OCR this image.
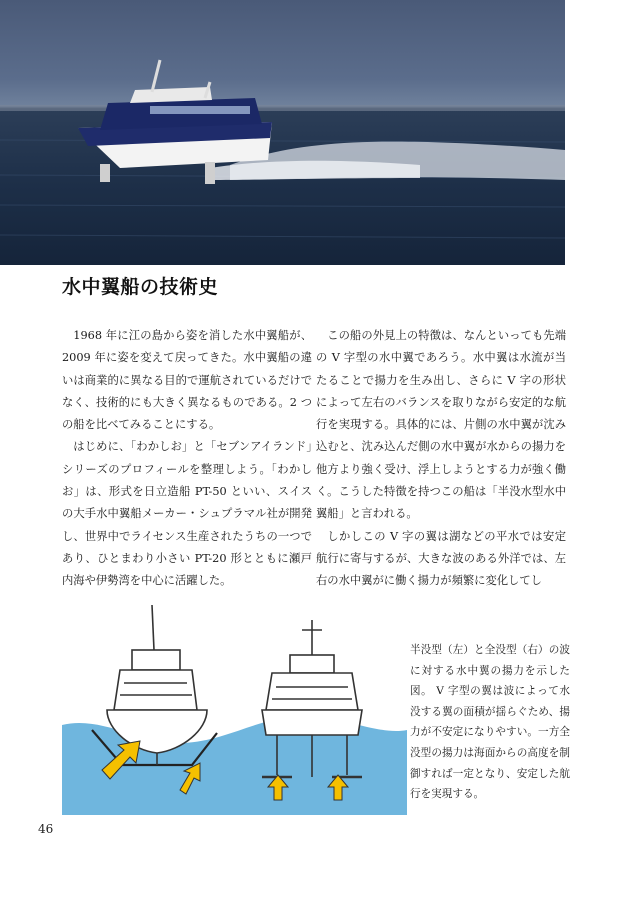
水中翼船の技術史

1968 年に江の島から姿を消した水中翼船が、2009 年に姿を変えて戻ってきた。水中翼船の違いは商業的に異なる目的で運航されているだけでなく、技術的にも大きく異なるものである。2 つの船を比べてみることにする。

はじめに、「わかしお」と「セブンアイランド」シリーズのプロフィールを整理しよう。「わかしお」は、形式を日立造船 PT-50 といい、スイスの大手水中翼船メーカー・シュプラマル社が開発し、世界中でライセンス生産されたうちの一つであり、ひとまわり小さい PT-20 形とともに瀬戸内海や伊勢湾を中心に活躍した。

この船の外見上の特徴は、なんといっても先端の V 字型の水中翼であろう。水中翼は水流が当たることで揚力を生み出し、さらに V 字の形状によって左右のバランスを取りながら安定的な航行を実現する。具体的には、片側の水中翼が沈み込むと、沈み込んだ側の水中翼が水からの揚力を他方より強く受け、浮上しようとする力が強く働く。こうした特徴を持つこの船は「半没水型水中翼船」と言われる。

しかしこの V 字の翼は湖などの平水では安定航行に寄与するが、大きな波のある外洋では、左右の水中翼がに働く揚力が頻繁に変化してし

半没型（左）と全没型（右）の波に対する水中翼の揚力を示した図。 V 字型の翼は波によって水没する翼の面積が揺らぐため、揚力が不安定になりやすい。一方全没型の揚力は海面からの高度を制御すれば一定となり、安定した航行を実現する。

46
